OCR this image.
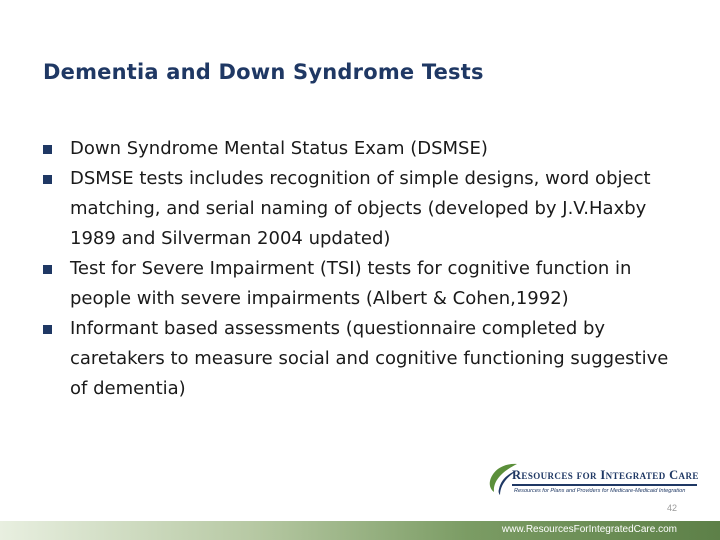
Dementia and Down Syndrome Tests
Down Syndrome Mental Status Exam (DSMSE)
DSMSE tests includes recognition of simple designs, word object matching, and serial naming of objects (developed by J.V.Haxby 1989 and Silverman 2004 updated)
Test for Severe Impairment (TSI) tests for cognitive function in people with severe impairments (Albert & Cohen,1992)
Informant based assessments (questionnaire completed by caretakers to measure social and cognitive functioning suggestive of dementia)
Resources for Integrated Care
Resources for Plans and Providers for Medicare-Medicaid Integration
42
www.ResourcesForIntegratedCare.com
